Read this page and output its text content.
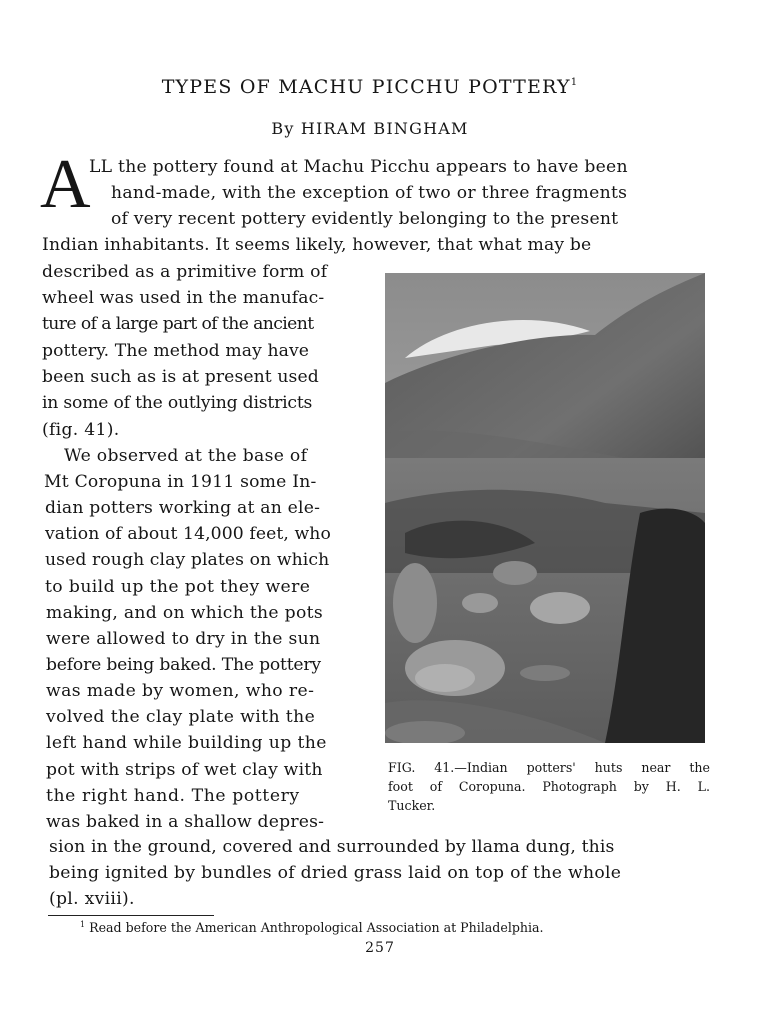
TYPES OF MACHU PICCHU POTTERY$^1$
By HIRAM BINGHAM
A

LL the pottery found at Machu Picchu appears to have been

hand-made, with the exception of two or three fragments

of very recent pottery evidently belonging to the present

Indian inhabitants. It seems likely, however, that what may be

described as a primitive form of

wheel was used in the manufac-

ture of a large part of the ancient

pottery. The method may have

been such as is at present used

in some of the outlying districts

(fig. 41).

We observed at the base of

Mt Coropuna in 1911 some In-

dian potters working at an ele-

vation of about 14,000 feet, who

used rough clay plates on which

to build up the pot they were

making, and on which the pots

were allowed to dry in the sun

before being baked. The pottery

was made by women, who re-

volved the clay plate with the

left hand while building up the

pot with strips of wet clay with

the right hand. The pottery

was baked in a shallow depres-

sion in the ground, covered and surrounded by llama dung, this

being ignited by bundles of dried grass laid on top of the whole

(pl. xviii).

FIG. 41.—Indian potters' huts near the
foot of Coropuna. Photograph by H. L.
Tucker.
$^1$ Read before the American Anthropological Association at Philadelphia.
257
